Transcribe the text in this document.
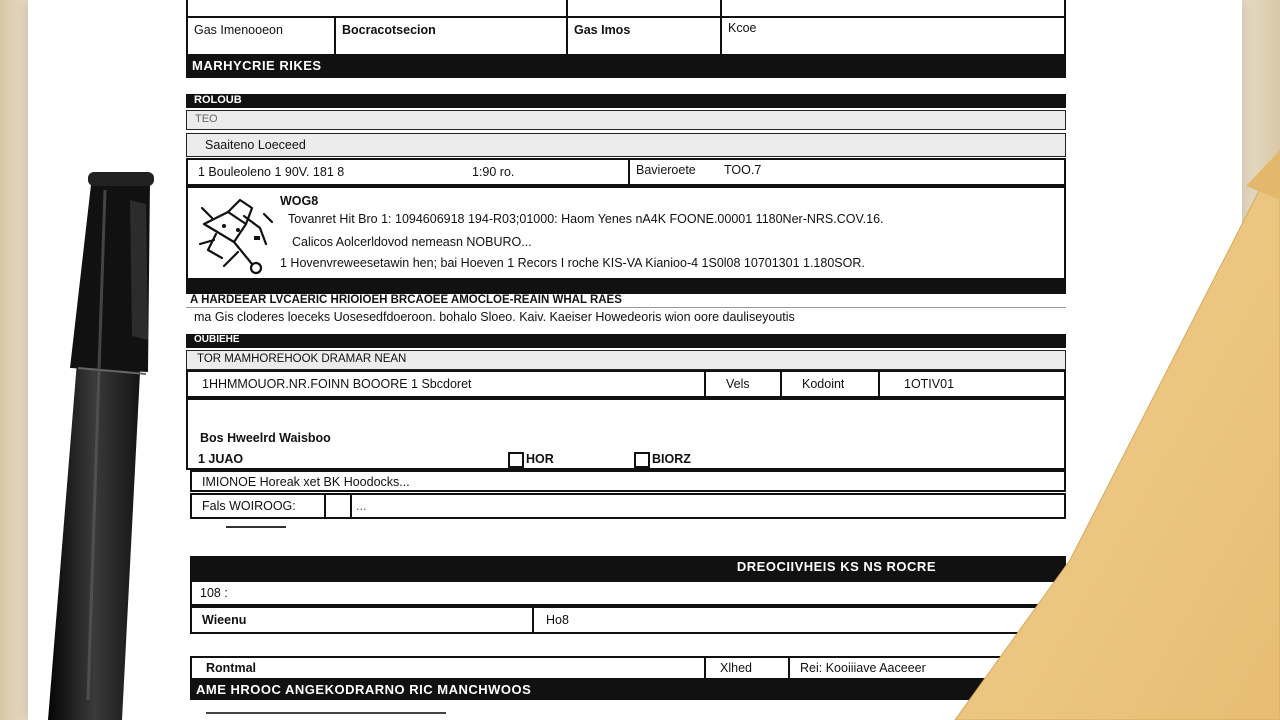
Gas Imenooeon	Bocracotsecion	Gas Imos	Kcoe
MARHYCRIE RIKES
ROLOUB
TEO
Saaiteno Loeceed
1 Bouleoleno 1 90V. 181 8	1:90 ro.	Bavieroete TOO.7
WOG8
Tovanret Hit Bro 1: 1094606918 194-R03;01000: Haom Yenes nA4K FOONE.00001 1180Ner-NRS.COV.16.
Calicos Aolcerldovod nemeasn NOBURO...
1 Hovenvreweesetawin hen; bai Hoeven 1 Recors I roche KIS-VA Kianioo-4 1S0l08 10701301 1.180SOR.
A HARDEEAR LVCAERIC HRIOIOEH BRCAOEE AMOCLOE-REAIN WHAL RAES
ma Gis cloderes loeceks Uosesedfdoeroon. bohalo Sloeo. Kaiv. Kaeiser Howedeoris wion oore dauliseyoutis
OUBIEHE
TOR MAMHOREHOOK DRAMAR NEAN
1HHMMOUOR.NR.FOINN BOOORE 1 Sbcdoret	Vels	Kodoint	1OTIV01
Bos Hweelrd Waisboo
1 JUAO	HOR	BIORZ
IMIONOE Horeak xet BK Hoodocks...
Fals WOIROOG:	...
DREOCIIVHEIS KS NS ROCRE
108 :
Wieenu	Ho8
Rontmal	Xlhed	Rei: Kooiiiave Aaceeer
AME HROOC ANGEKODRARNO RIC MANCHWOOS
